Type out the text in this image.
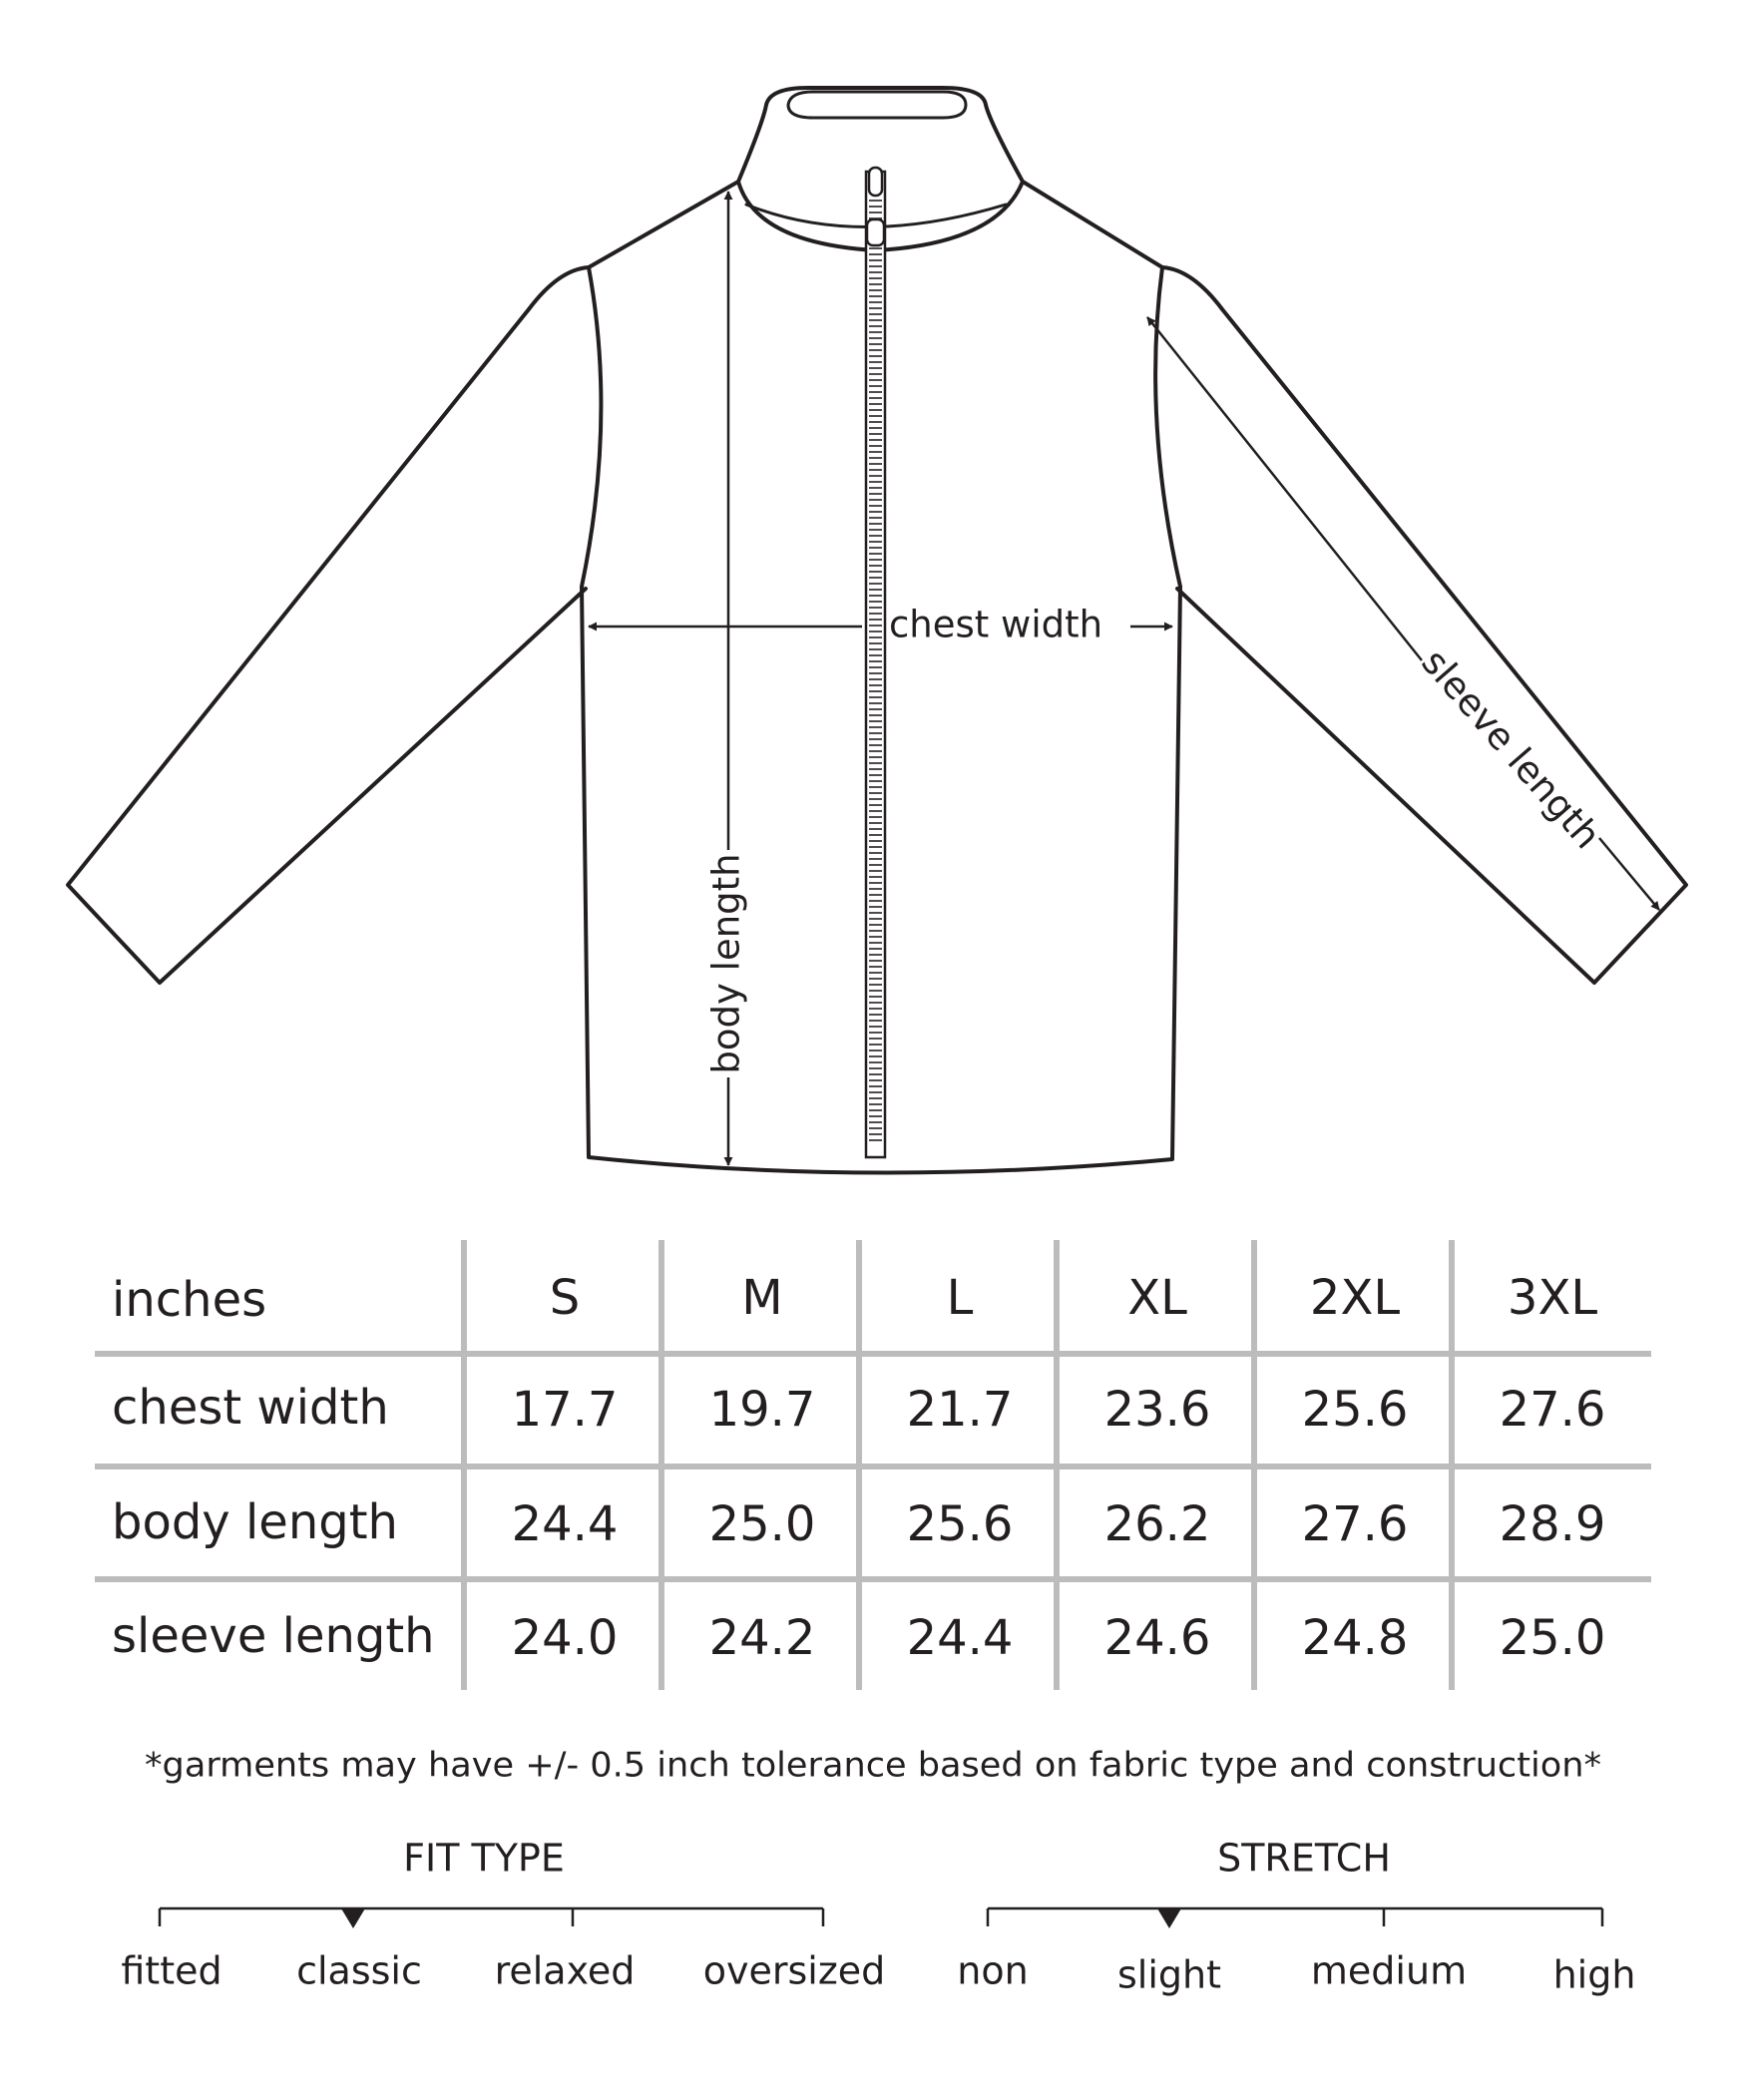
chest width
body length
sleeve length
inches	S	M	L	XL	2XL 3XL
chest width	17.7 19.7 21.7 23.6 25.6 27.6
body length 24.4 25.0 25.6 26.2 27.6 28.9
sleeve length 24.0 24.2 24.4 24.6 24.8 25.0
*garments may have +/- 0.5 inch tolerance based on fabric type and construction*
FIT TYPE
fitted classic relaxed oversized
STRETCH
non slight medium high
